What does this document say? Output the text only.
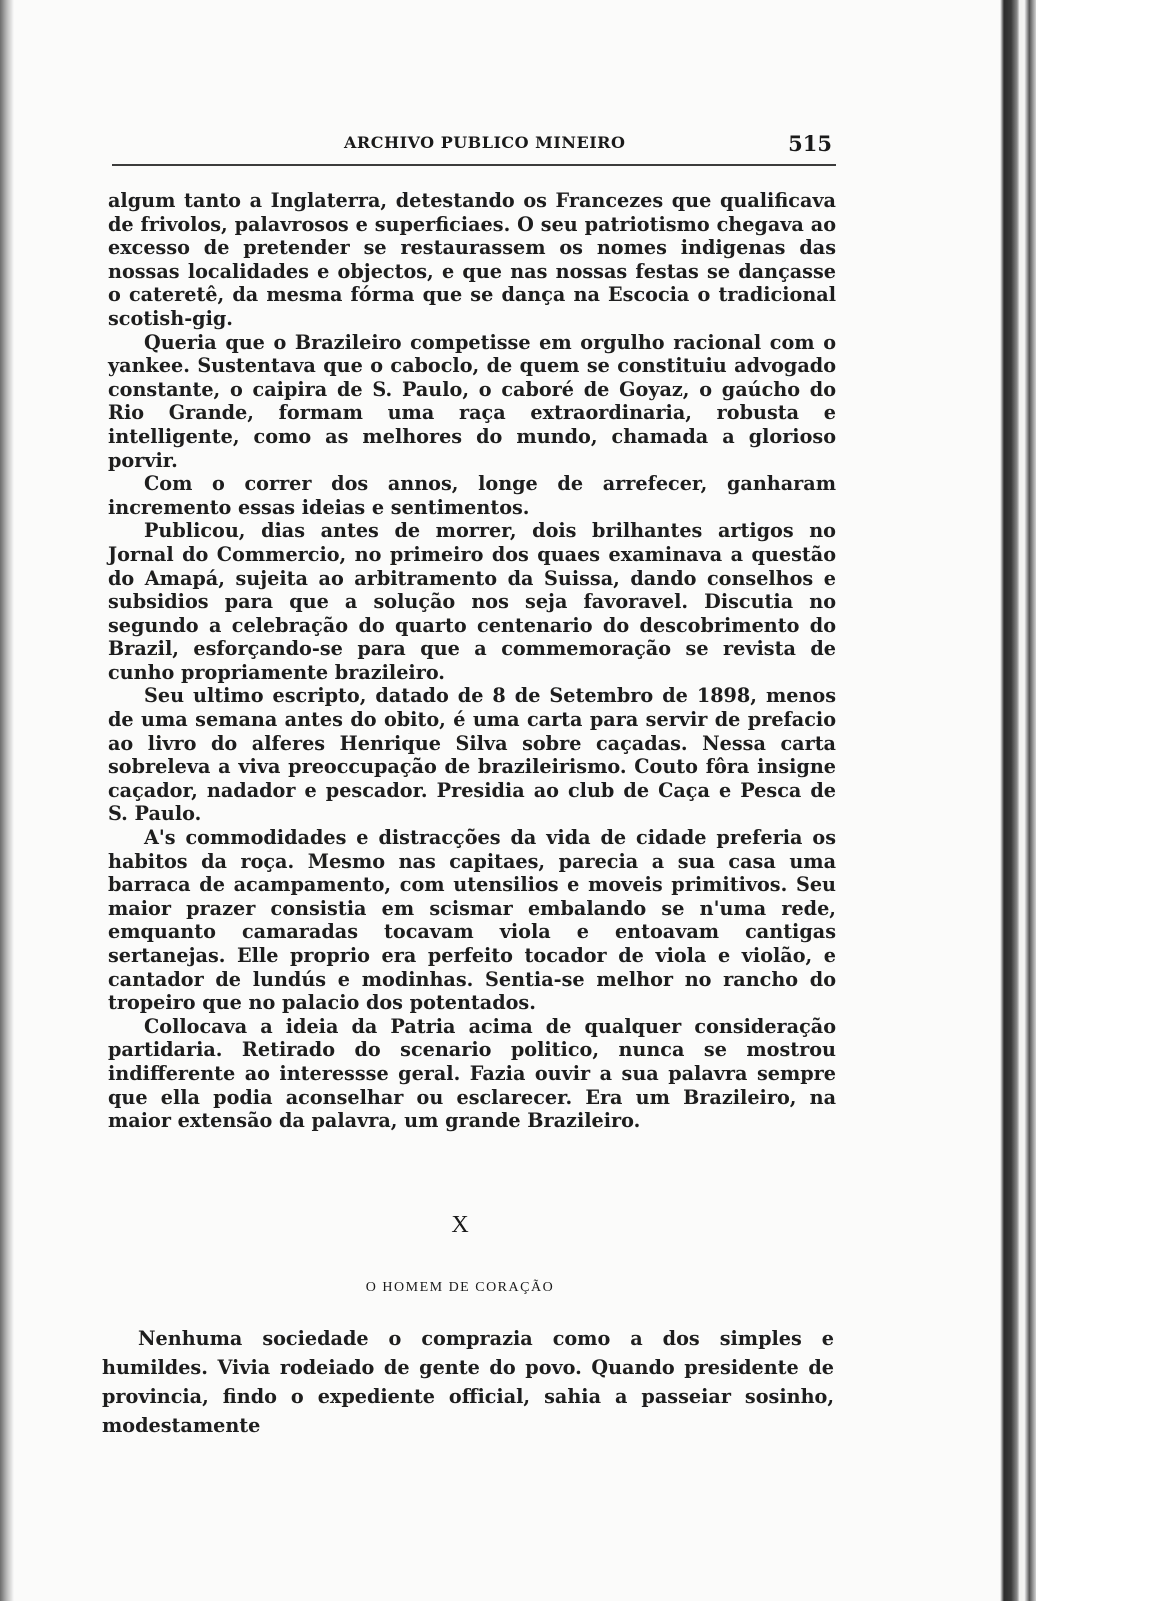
ARCHIVO PUBLICO MINEIRO	515

algum tanto a Inglaterra, detestando os Francezes que qualificava de frivolos, palavrosos e superficiaes. O seu patriotismo chegava ao excesso de pretender se restaurassem os nomes indigenas das nossas localidades e objectos, e que nas nossas festas se dançasse o cateretê, da mesma fórma que se dança na Escocia o tradicional scotish-gig.

Queria que o Brazileiro competisse em orgulho racional com o yankee. Sustentava que o caboclo, de quem se constituiu advogado constante, o caipira de S. Paulo, o caboré de Goyaz, o gaúcho do Rio Grande, formam uma raça extraordinaria, robusta e intelligente, como as melhores do mundo, chamada a glorioso porvir.

Com o correr dos annos, longe de arrefecer, ganharam incremento essas ideias e sentimentos.

Publicou, dias antes de morrer, dois brilhantes artigos no Jornal do Commercio, no primeiro dos quaes examinava a questão do Amapá, sujeita ao arbitramento da Suissa, dando conselhos e subsidios para que a solução nos seja favoravel. Discutia no segundo a celebração do quarto centenario do descobrimento do Brazil, esforçando-se para que a commemoração se revista de cunho propriamente brazileiro.

Seu ultimo escripto, datado de 8 de Setembro de 1898, menos de uma semana antes do obito, é uma carta para servir de prefacio ao livro do alferes Henrique Silva sobre caçadas. Nessa carta sobreleva a viva preoccupação de brazileirismo. Couto fôra insigne caçador, nadador e pescador. Presidia ao club de Caça e Pesca de S. Paulo.

A's commodidades e distracções da vida de cidade preferia os habitos da roça. Mesmo nas capitaes, parecia a sua casa uma barraca de acampamento, com utensilios e moveis primitivos. Seu maior prazer consistia em scismar embalando se n'uma rede, emquanto camaradas tocavam viola e entoavam cantigas sertanejas. Elle proprio era perfeito tocador de viola e violão, e cantador de lundús e modinhas. Sentia-se melhor no rancho do tropeiro que no palacio dos potentados.

Collocava a ideia da Patria acima de qualquer consideração partidaria. Retirado do scenario politico, nunca se mostrou indifferente ao interessse geral. Fazia ouvir a sua palavra sempre que ella podia aconselhar ou esclarecer. Era um Brazileiro, na maior extensão da palavra, um grande Brazileiro.

X
O HOMEM DE CORAÇÃO

Nenhuma sociedade o comprazia como a dos simples e humildes. Vivia rodeiado de gente do povo. Quando presidente de provincia, findo o expediente official, sahia a passeiar sosinho, modestamente
